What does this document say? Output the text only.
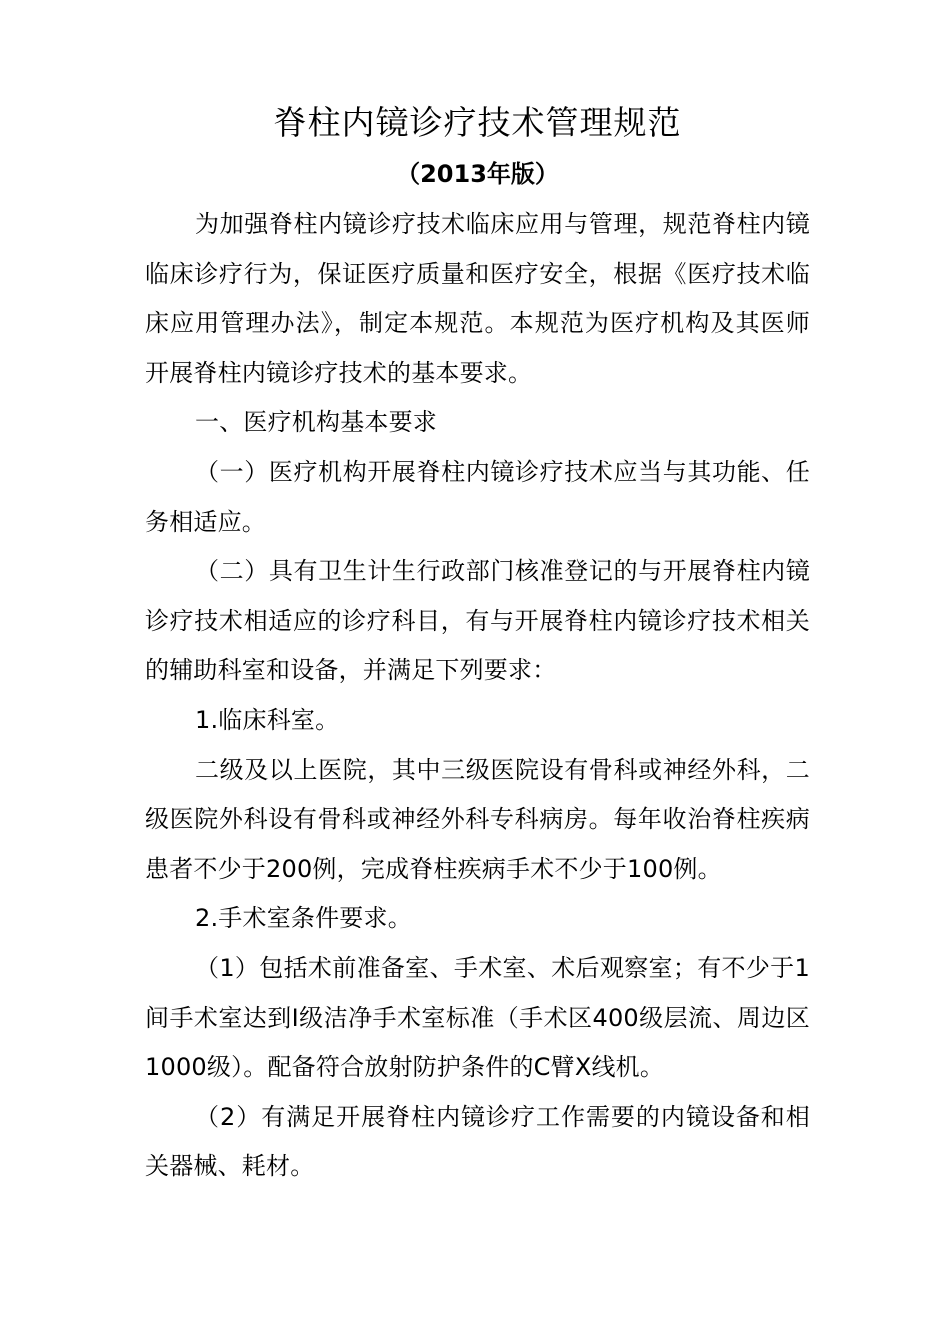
脊柱内镜诊疗技术管理规范
（2013年版）

为加强脊柱内镜诊疗技术临床应用与管理，规范脊柱内镜临床诊疗行为，保证医疗质量和医疗安全，根据《医疗技术临床应用管理办法》，制定本规范。本规范为医疗机构及其医师开展脊柱内镜诊疗技术的基本要求。

一、医疗机构基本要求

（一）医疗机构开展脊柱内镜诊疗技术应当与其功能、任务相适应。

（二）具有卫生计生行政部门核准登记的与开展脊柱内镜诊疗技术相适应的诊疗科目，有与开展脊柱内镜诊疗技术相关的辅助科室和设备，并满足下列要求：

1.临床科室。

二级及以上医院，其中三级医院设有骨科或神经外科，二级医院外科设有骨科或神经外科专科病房。每年收治脊柱疾病患者不少于200例，完成脊柱疾病手术不少于100例。

2.手术室条件要求。

（1）包括术前准备室、手术室、术后观察室；有不少于1间手术室达到Ⅰ级洁净手术室标准（手术区400级层流、周边区1000级）。配备符合放射防护条件的C臂X线机。

（2）有满足开展脊柱内镜诊疗工作需要的内镜设备和相关器械、耗材。
